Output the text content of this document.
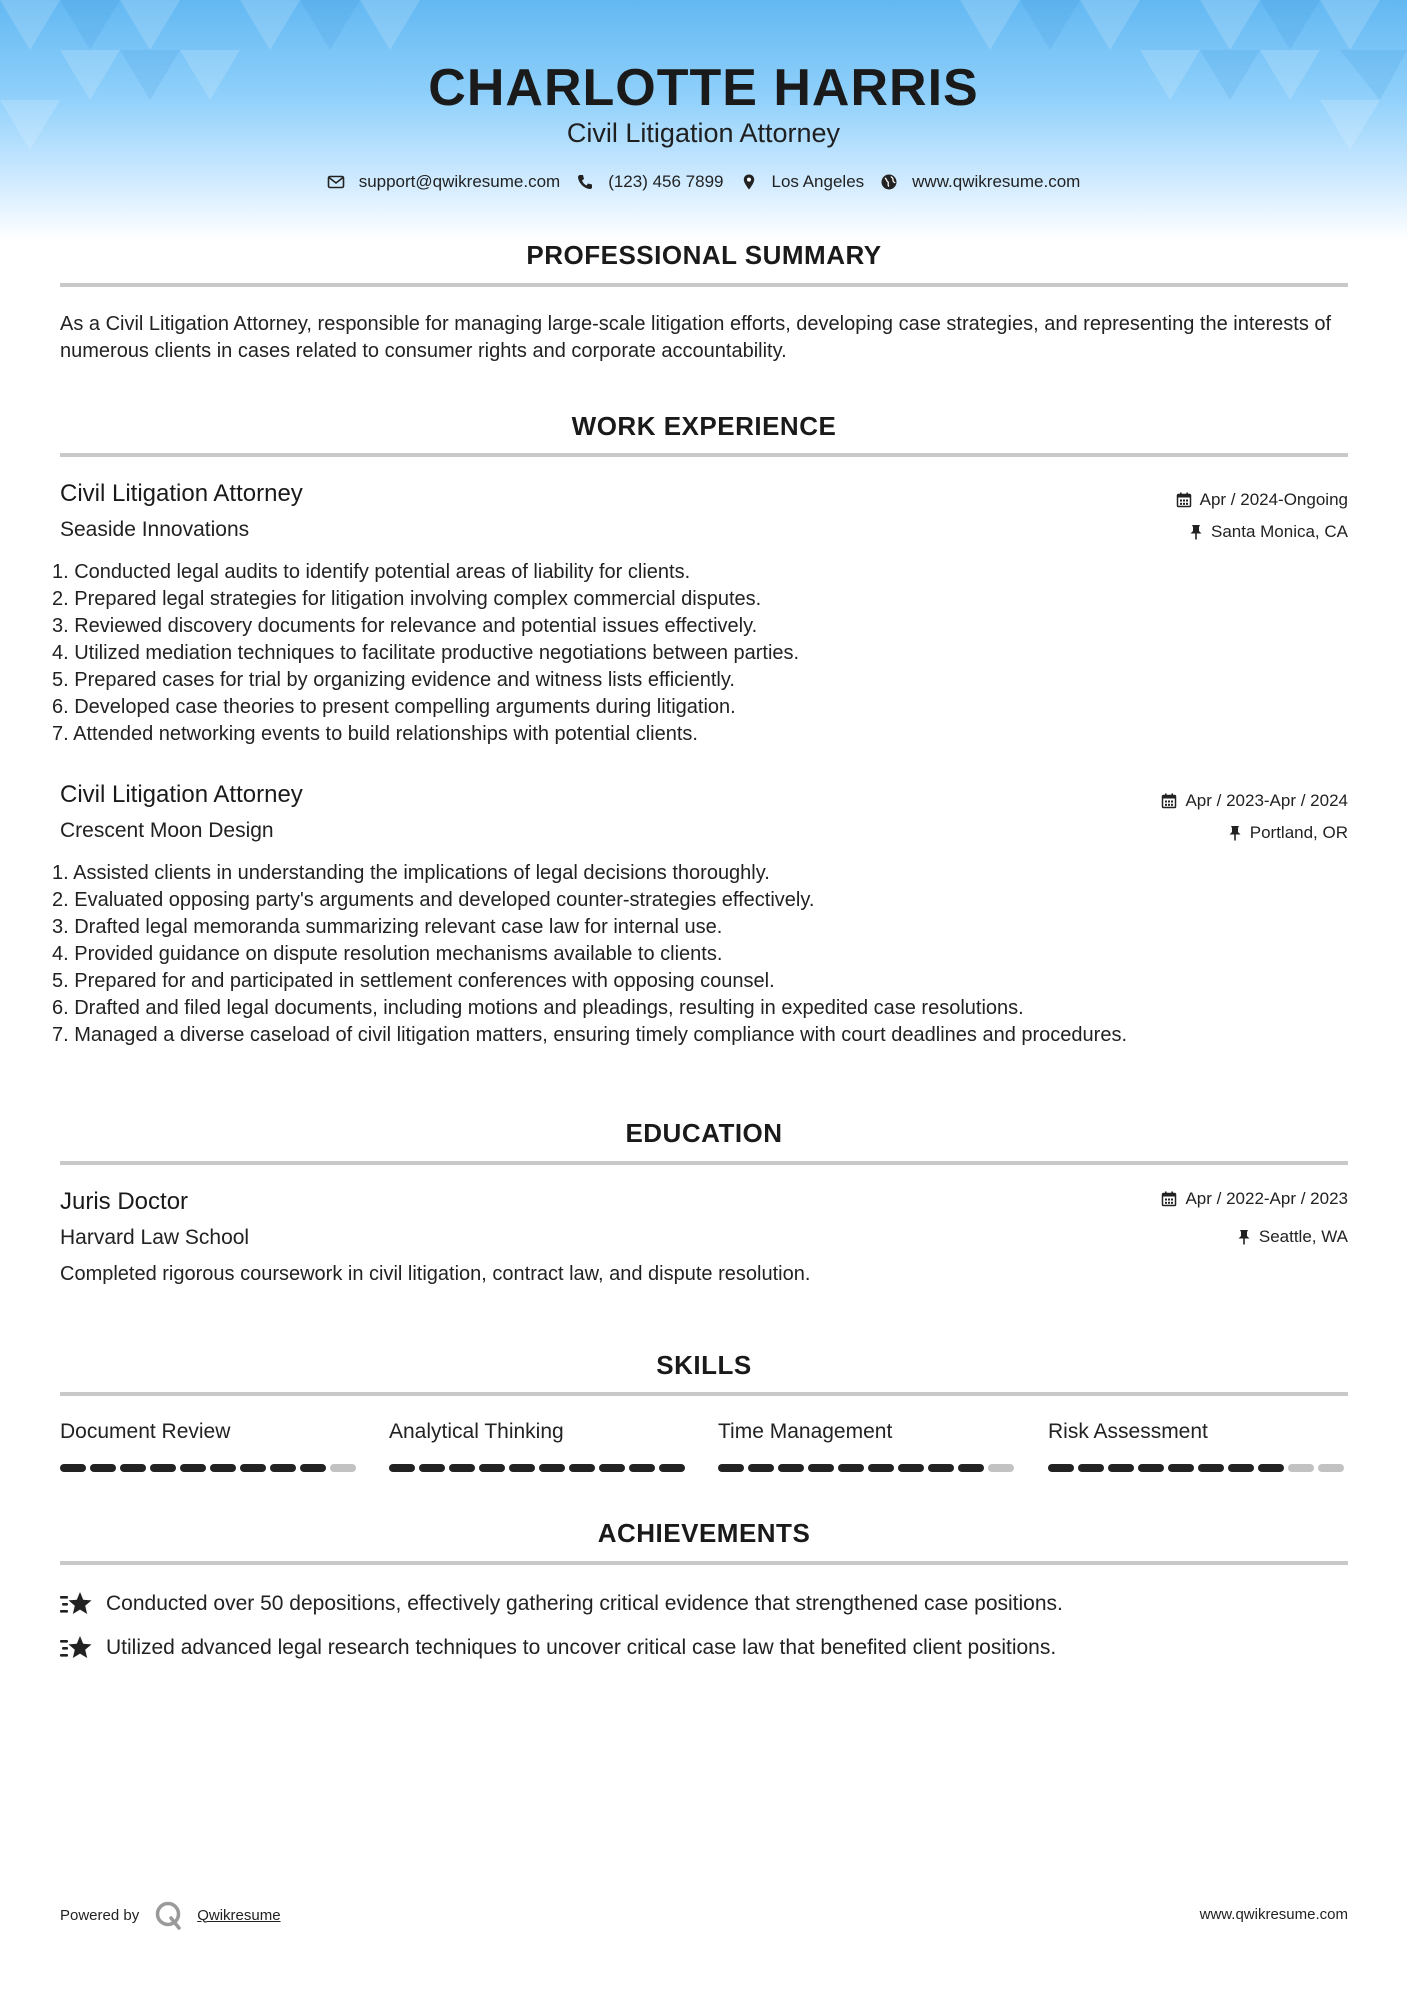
CHARLOTTE HARRIS
Civil Litigation Attorney
support@qwikresume.com	(123) 456 7899	Los Angeles	www.qwikresume.com
PROFESSIONAL SUMMARY
As a Civil Litigation Attorney, responsible for managing large-scale litigation efforts, developing case strategies, and representing the interests of numerous clients in cases related to consumer rights and corporate accountability.
WORK EXPERIENCE
Civil Litigation Attorney	Apr / 2024-Ongoing
Seaside Innovations	Santa Monica, CA
1. Conducted legal audits to identify potential areas of liability for clients.
2. Prepared legal strategies for litigation involving complex commercial disputes.
3. Reviewed discovery documents for relevance and potential issues effectively.
4. Utilized mediation techniques to facilitate productive negotiations between parties.
5. Prepared cases for trial by organizing evidence and witness lists efficiently.
6. Developed case theories to present compelling arguments during litigation.
7. Attended networking events to build relationships with potential clients.
Civil Litigation Attorney	Apr / 2023-Apr / 2024
Crescent Moon Design	Portland, OR
1. Assisted clients in understanding the implications of legal decisions thoroughly.
2. Evaluated opposing party's arguments and developed counter-strategies effectively.
3. Drafted legal memoranda summarizing relevant case law for internal use.
4. Provided guidance on dispute resolution mechanisms available to clients.
5. Prepared for and participated in settlement conferences with opposing counsel.
6. Drafted and filed legal documents, including motions and pleadings, resulting in expedited case resolutions.
7. Managed a diverse caseload of civil litigation matters, ensuring timely compliance with court deadlines and procedures.
EDUCATION
Juris Doctor	Apr / 2022-Apr / 2023
Harvard Law School	Seattle, WA
Completed rigorous coursework in civil litigation, contract law, and dispute resolution.
SKILLS
Document Review	Analytical Thinking	Time Management	Risk Assessment
ACHIEVEMENTS
Conducted over 50 depositions, effectively gathering critical evidence that strengthened case positions.
Utilized advanced legal research techniques to uncover critical case law that benefited client positions.
Powered by	Qwikresume	www.qwikresume.com
